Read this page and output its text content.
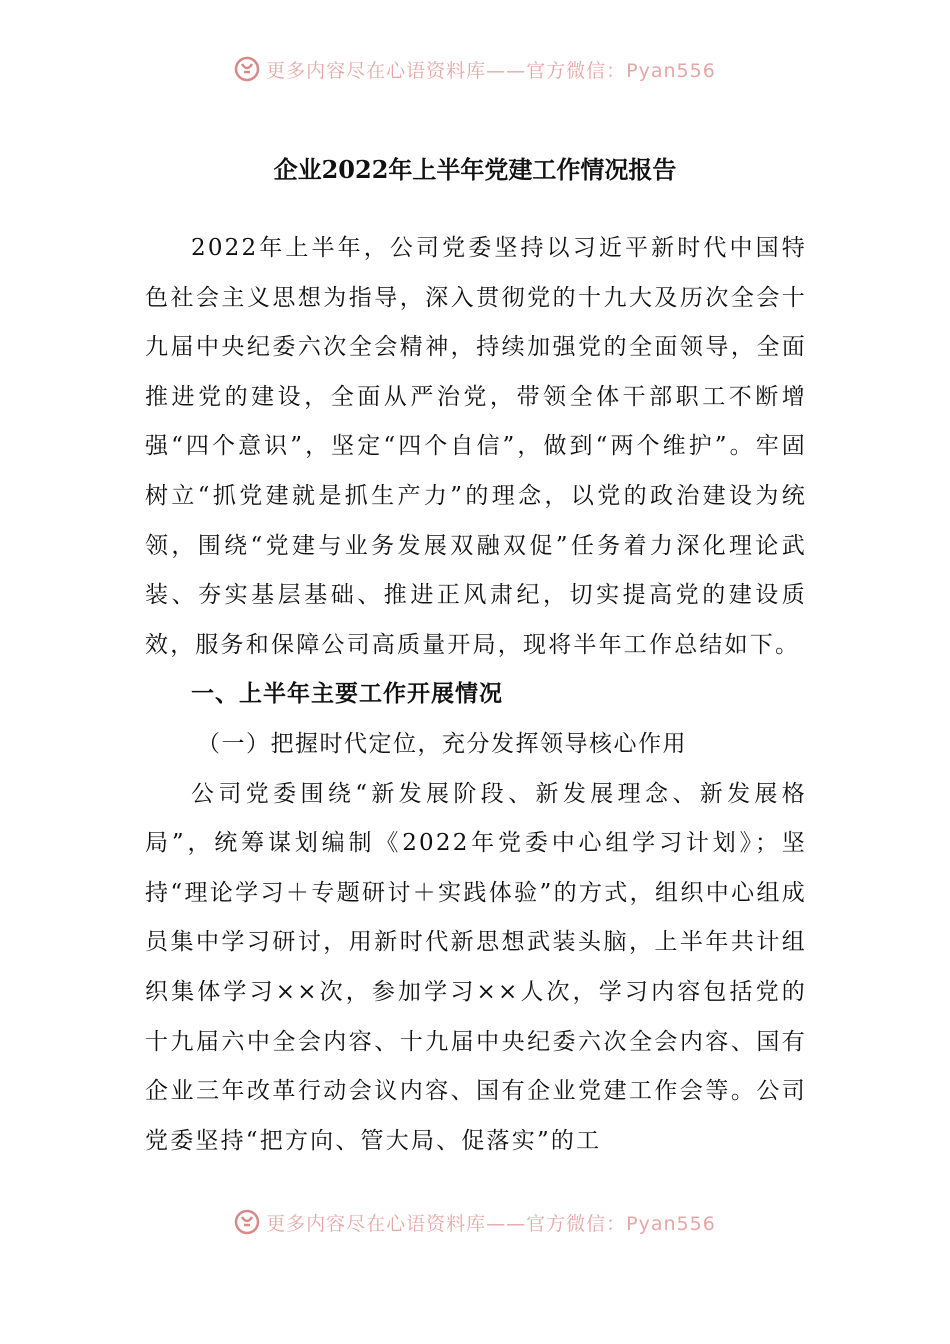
更多内容尽在心语资料库——官方微信：Pyan556
企业2022年上半年党建工作情况报告

2022年上半年，公司党委坚持以习近平新时代中国特色社会主义思想为指导，深入贯彻党的十九大及历次全会十九届中央纪委六次全会精神，持续加强党的全面领导，全面推进党的建设，全面从严治党，带领全体干部职工不断增强“四个意识”，坚定“四个自信”，做到“两个维护”。牢固树立“抓党建就是抓生产力”的理念，以党的政治建设为统领，围绕“党建与业务发展双融双促”任务着力深化理论武装、夯实基层基础、推进正风肃纪，切实提高党的建设质效，服务和保障公司高质量开局，现将半年工作总结如下。

一、上半年主要工作开展情况

（一）把握时代定位，充分发挥领导核心作用

公司党委围绕“新发展阶段、新发展理念、新发展格局”，统筹谋划编制《2022年党委中心组学习计划》；坚持“理论学习＋专题研讨＋实践体验”的方式，组织中心组成员集中学习研讨，用新时代新思想武装头脑，上半年共计组织集体学习××次，参加学习××人次，学习内容包括党的十九届六中全会内容、十九届中央纪委六次全会内容、国有企业三年改革行动会议内容、国有企业党建工作会等。公司党委坚持“把方向、管大局、促落实”的工

更多内容尽在心语资料库——官方微信：Pyan556
